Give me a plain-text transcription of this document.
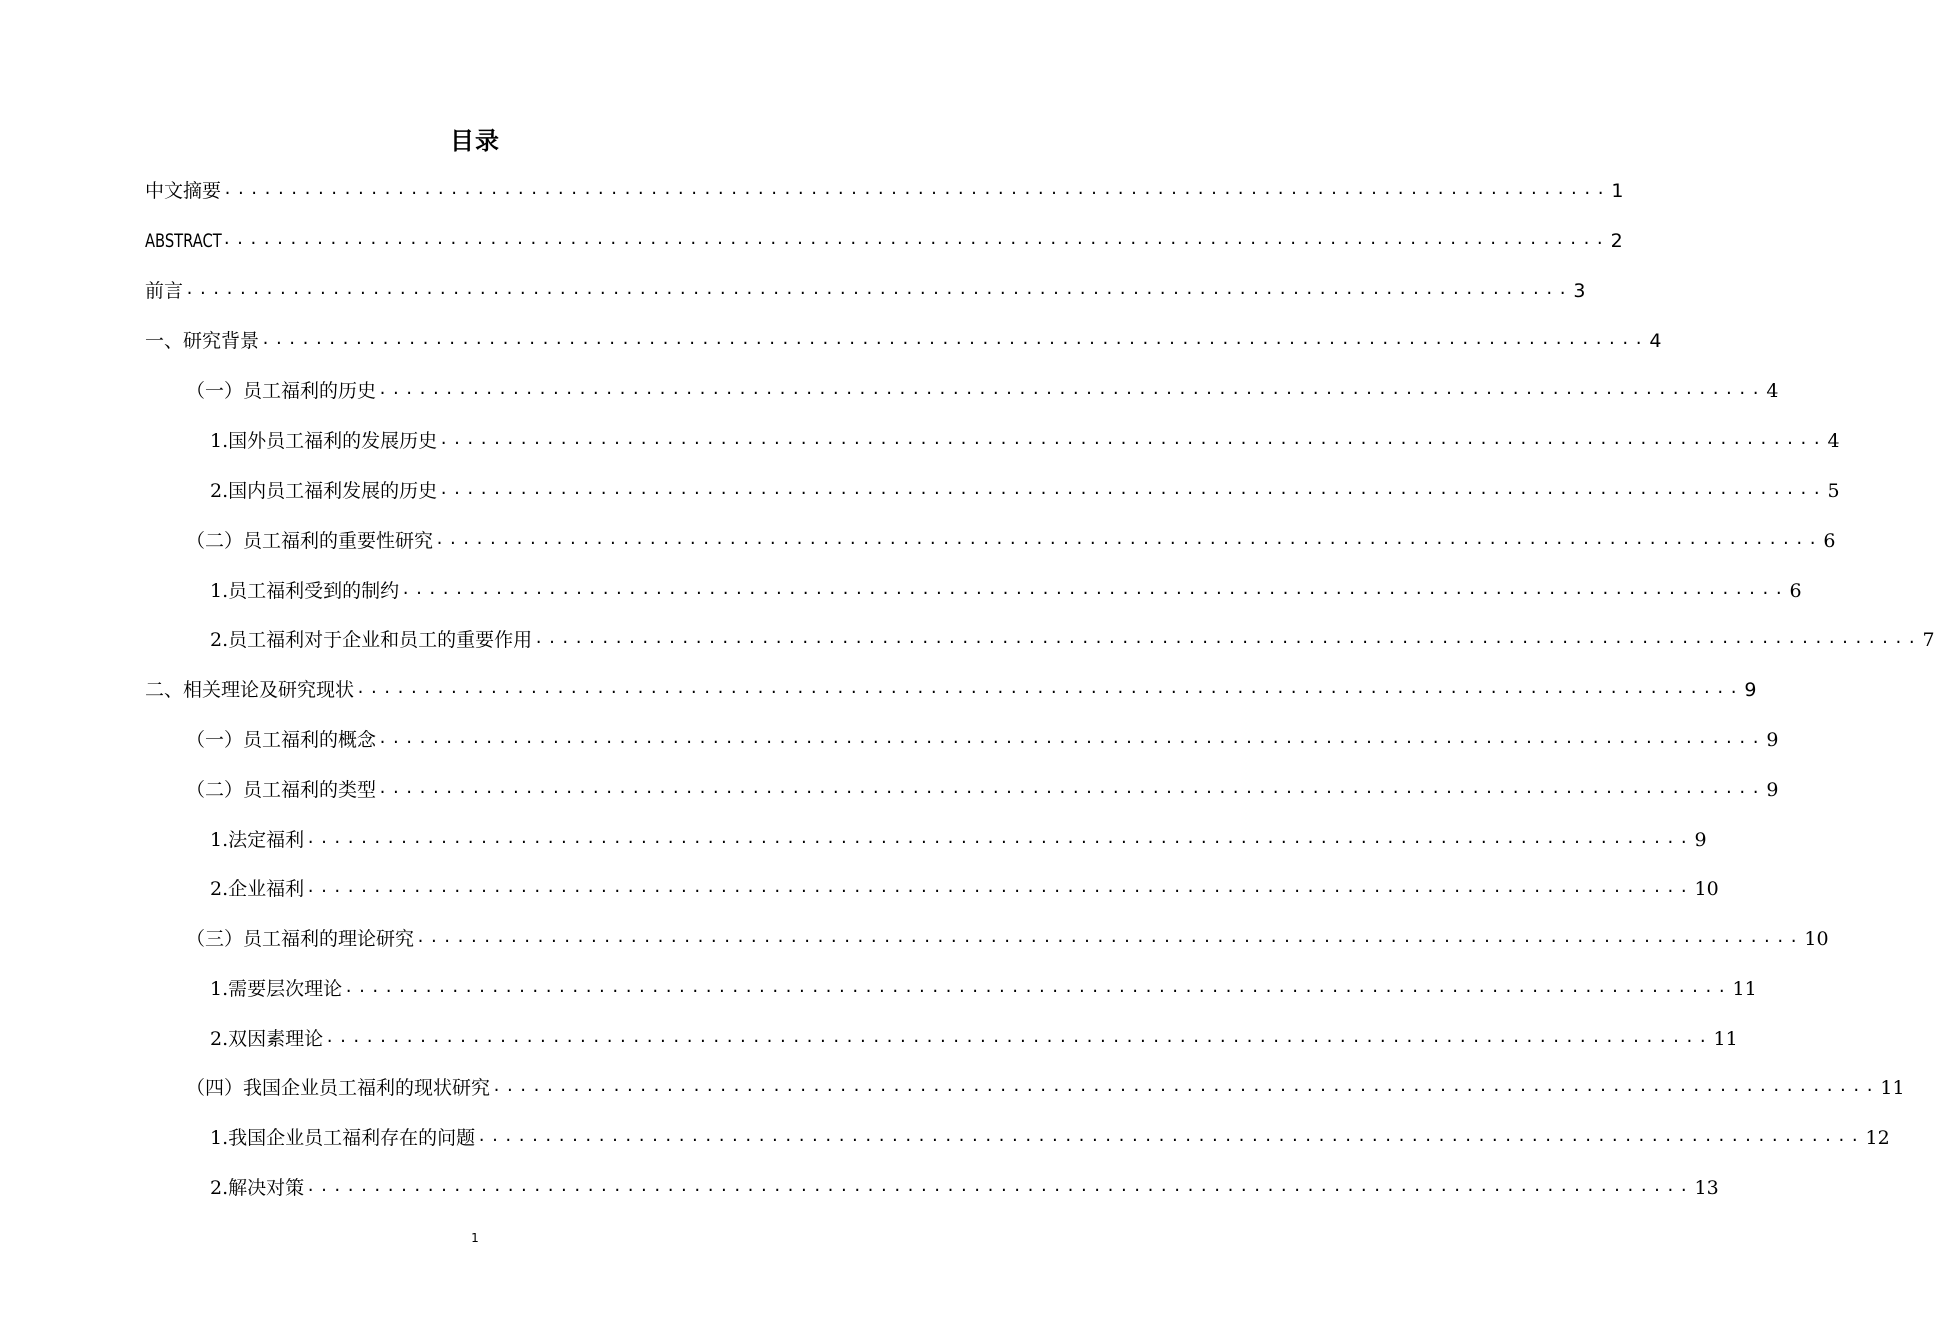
目录
中文摘要 ........................................................................................................ 1
ABSTRACT ........................................................................................................ 2
前言 ........................................................................................................ 3
一、研究背景 ........................................................................................................ 4
（一）员工福利的历史 ........................................................................................................ 4
1.国外员工福利的发展历史 ........................................................................................................ 4
2.国内员工福利发展的历史 ........................................................................................................ 5
（二）员工福利的重要性研究 ........................................................................................................ 6
1.员工福利受到的制约 ........................................................................................................ 6
2.员工福利对于企业和员工的重要作用 ........................................................................................................ 7
二、相关理论及研究现状 ........................................................................................................ 9
（一）员工福利的概念 ........................................................................................................ 9
（二）员工福利的类型 ........................................................................................................ 9
1.法定福利 ........................................................................................................ 9
2.企业福利 ........................................................................................................ 10
（三）员工福利的理论研究 ........................................................................................................ 10
1.需要层次理论 ........................................................................................................ 11
2.双因素理论 ........................................................................................................ 11
（四）我国企业员工福利的现状研究 ........................................................................................................ 11
1.我国企业员工福利存在的问题 ........................................................................................................ 12
2.解决对策 ........................................................................................................ 13
1
